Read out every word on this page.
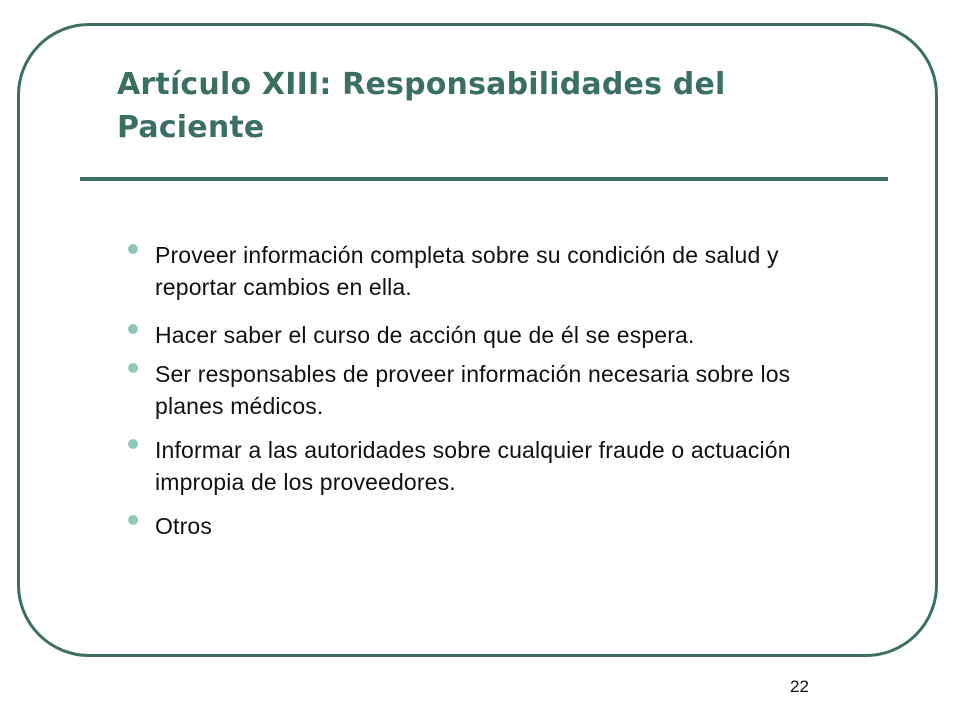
Artículo XIII: Responsabilidades del Paciente
Proveer información completa sobre su condición de salud y reportar cambios en ella.
Hacer saber el curso de acción que de él se espera.
Ser responsables de proveer información necesaria sobre los planes médicos.
Informar a las autoridades sobre cualquier fraude o actuación impropia de los proveedores.
Otros
22
